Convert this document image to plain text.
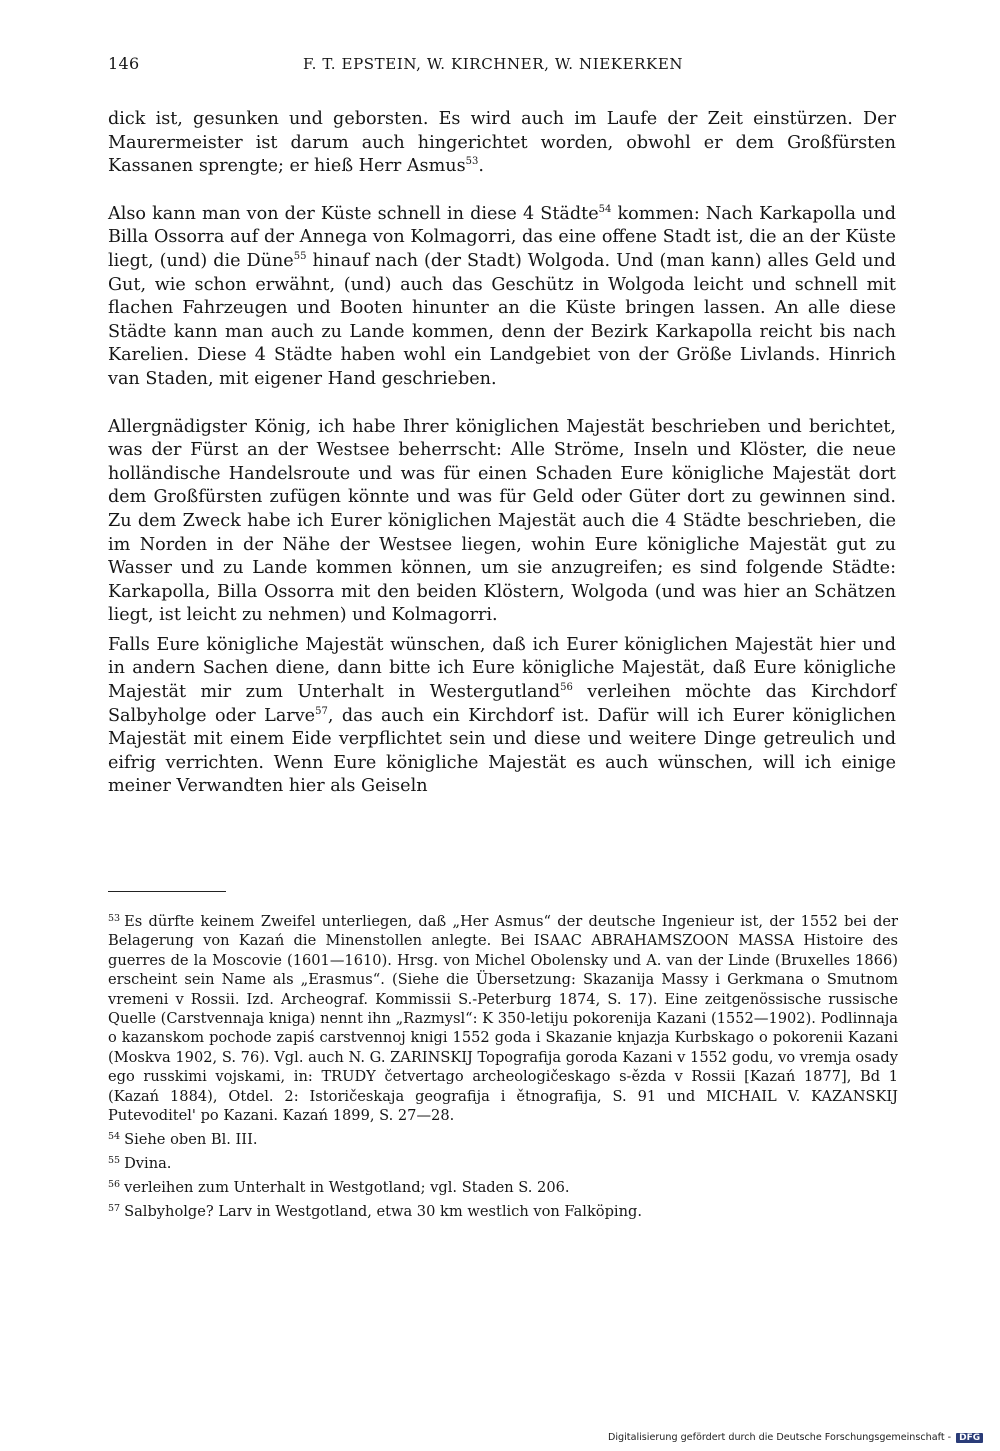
146	F. T. EPSTEIN, W. KIRCHNER, W. NIEKERKEN

dick ist, gesunken und geborsten. Es wird auch im Laufe der Zeit einstürzen. Der Maurermeister ist darum auch hingerichtet worden, obwohl er dem Großfürsten Kassanen sprengte; er hieß Herr Asmus$^{53}$.

Also kann man von der Küste schnell in diese 4 Städte$^{54}$ kommen: Nach Karkapolla und Billa Ossorra auf der Annega von Kolmagorri, das eine offene Stadt ist, die an der Küste liegt, (und) die Düne$^{55}$ hinauf nach (der Stadt) Wolgoda. Und (man kann) alles Geld und Gut, wie schon erwähnt, (und) auch das Geschütz in Wolgoda leicht und schnell mit flachen Fahrzeugen und Booten hinunter an die Küste bringen lassen. An alle diese Städte kann man auch zu Lande kommen, denn der Bezirk Karkapolla reicht bis nach Karelien. Diese 4 Städte haben wohl ein Landgebiet von der Größe Livlands. Hinrich van Staden, mit eigener Hand geschrieben.

Allergnädigster König, ich habe Ihrer königlichen Majestät beschrieben und berichtet, was der Fürst an der Westsee beherrscht: Alle Ströme, Inseln und Klöster, die neue holländische Handelsroute und was für einen Schaden Eure königliche Majestät dort dem Großfürsten zufügen könnte und was für Geld oder Güter dort zu gewinnen sind. Zu dem Zweck habe ich Eurer königlichen Majestät auch die 4 Städte beschrieben, die im Norden in der Nähe der Westsee liegen, wohin Eure königliche Majestät gut zu Wasser und zu Lande kommen können, um sie anzugreifen; es sind folgende Städte: Karkapolla, Billa Ossorra mit den beiden Klöstern, Wolgoda (und was hier an Schätzen liegt, ist leicht zu nehmen) und Kolmagorri.

Falls Eure königliche Majestät wünschen, daß ich Eurer königlichen Majestät hier und in andern Sachen diene, dann bitte ich Eure königliche Majestät, daß Eure königliche Majestät mir zum Unterhalt in Westergutland$^{56}$ verleihen möchte das Kirchdorf Salbyholge oder Larve$^{57}$, das auch ein Kirchdorf ist. Dafür will ich Eurer königlichen Majestät mit einem Eide verpflichtet sein und diese und weitere Dinge getreulich und eifrig verrichten. Wenn Eure königliche Majestät es auch wünschen, will ich einige meiner Verwandten hier als Geiseln

$^{53}$ Es dürfte keinem Zweifel unterliegen, daß „Her Asmus“ der deutsche Ingenieur ist, der 1552 bei der Belagerung von Kazań die Minenstollen anlegte. Bei ISAAC ABRAHAMSZOON MASSA Histoire des guerres de la Moscovie (1601—1610). Hrsg. von Michel Obolensky und A. van der Linde (Bruxelles 1866) erscheint sein Name als „Erasmus“. (Siehe die Übersetzung: Skazanija Massy i Gerkmana o Smutnom vremeni v Rossii. Izd. Archeograf. Kommissii S.-Peterburg 1874, S. 17). Eine zeitgenössische russische Quelle (Carstvennaja kniga) nennt ihn „Razmysl“: K 350-letiju pokorenija Kazani (1552—1902). Podlinnaja o kazanskom pochode zapiś carstvennoj knigi 1552 goda i Skazanie knjazja Kurbskago o pokorenii Kazani (Moskva 1902, S. 76). Vgl. auch N. G. ZARINSKIJ Topografija goroda Kazani v 1552 godu, vo vremja osady ego russkimi vojskami, in: TRUDY četvertago archeologičeskago s-ězda v Rossii [Kazań 1877], Bd 1 (Kazań 1884), Otdel. 2: Istoričeskaja geografija i ětnografija, S. 91 und MICHAIL V. KAZANSKIJ Putevoditel' po Kazani. Kazań 1899, S. 27—28.

$^{54}$ Siehe oben Bl. III.

$^{55}$ Dvina.

$^{56}$ verleihen zum Unterhalt in Westgotland; vgl. Staden S. 206.

$^{57}$ Salbyholge? Larv in Westgotland, etwa 30 km westlich von Falköping.

Digitalisierung gefördert durch die Deutsche Forschungsgemeinschaft - DFG
